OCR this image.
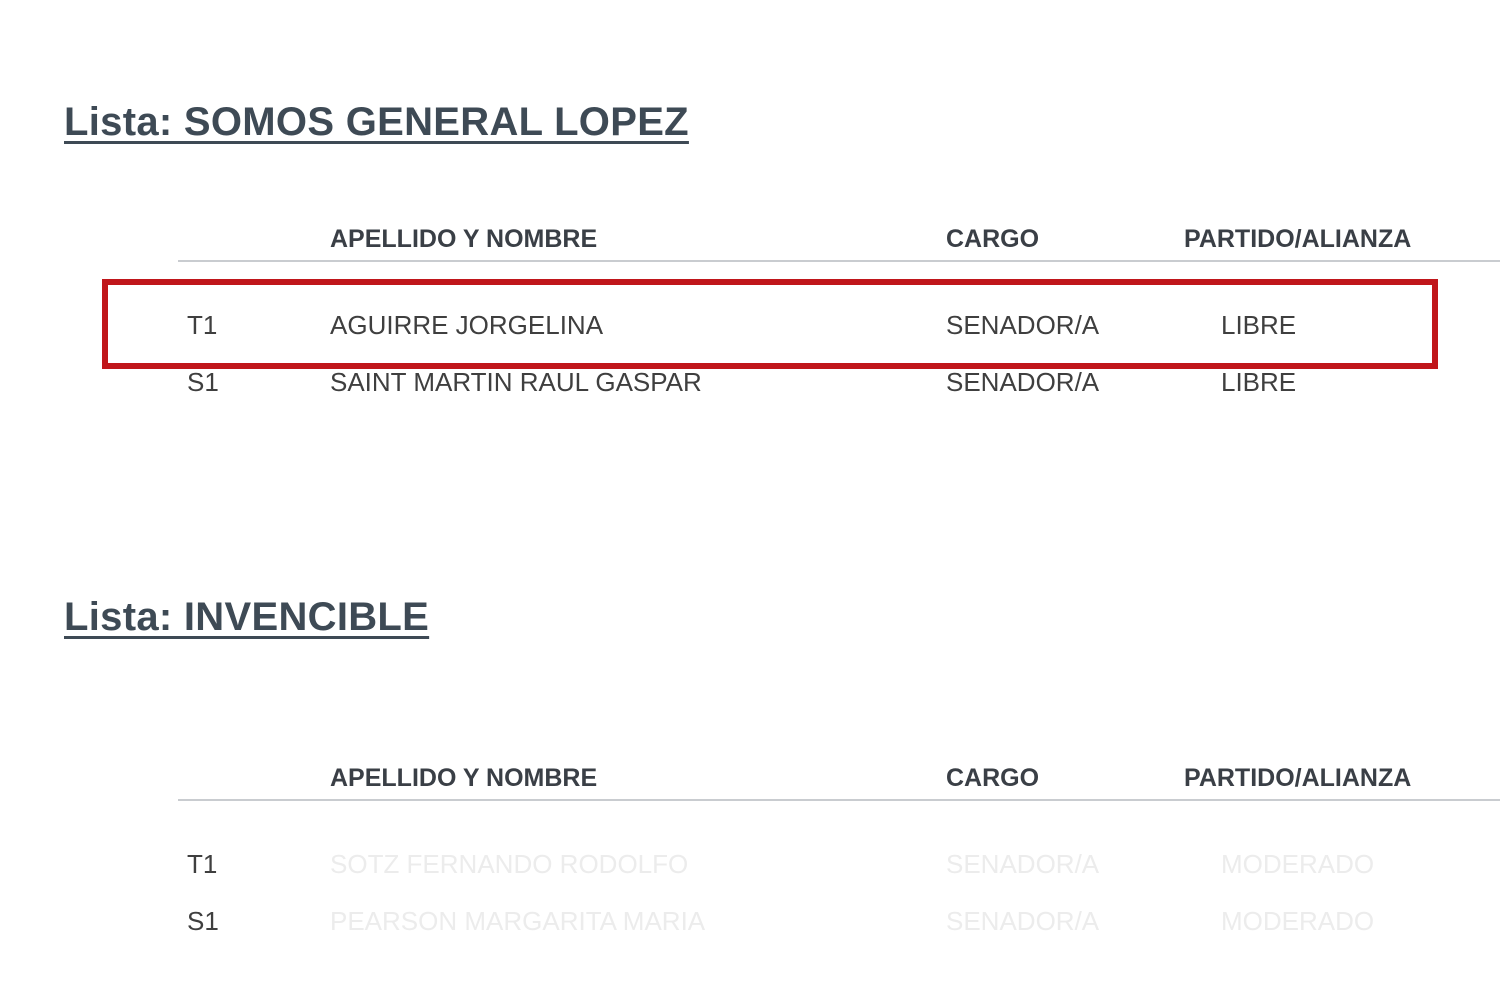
Lista: SOMOS GENERAL LOPEZ
APELLIDO Y NOMBRE	CARGO	PARTIDO/ALIANZA
T1	AGUIRRE JORGELINA	SENADOR/A	LIBRE
S1	SAINT MARTIN RAUL GASPAR	SENADOR/A	LIBRE
Lista: INVENCIBLE
APELLIDO Y NOMBRE	CARGO	PARTIDO/ALIANZA
T1	SOTZ FERNANDO RODOLFO	SENADOR/A	MODERADO
S1	PEARSON MARGARITA MARIA	SENADOR/A	MODERADO
